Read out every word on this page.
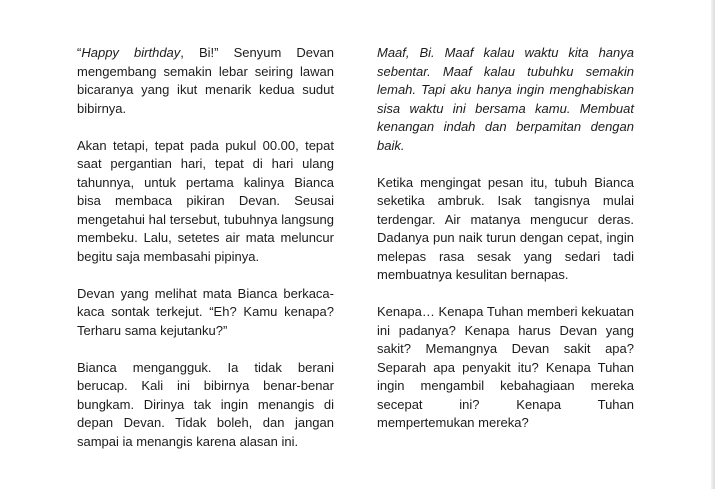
“Happy birthday, Bi!” Senyum Devan mengembang semakin lebar seiring lawan bicaranya yang ikut menarik kedua sudut bibirnya.

Akan tetapi, tepat pada pukul 00.00, tepat saat pergantian hari, tepat di hari ulang tahunnya, untuk pertama kalinya Bianca bisa membaca pikiran Devan. Seusai mengetahui hal tersebut, tubuhnya langsung membeku. Lalu, setetes air mata meluncur begitu saja membasahi pipinya.

Devan yang melihat mata Bianca berkaca-kaca sontak terkejut. “Eh? Kamu kenapa? Terharu sama kejutanku?”

Bianca mengangguk. Ia tidak berani berucap. Kali ini bibirnya benar-benar bungkam. Dirinya tak ingin menangis di depan Devan. Tidak boleh, dan jangan sampai ia menangis karena alasan ini.

Maaf, Bi. Maaf kalau waktu kita hanya sebentar. Maaf kalau tubuhku semakin lemah. Tapi aku hanya ingin menghabiskan sisa waktu ini bersama kamu. Membuat kenangan indah dan berpamitan dengan baik.

Ketika mengingat pesan itu, tubuh Bianca seketika ambruk. Isak tangisnya mulai terdengar. Air matanya mengucur deras. Dadanya pun naik turun dengan cepat, ingin melepas rasa sesak yang sedari tadi membuatnya kesulitan bernapas.

Kenapa… Kenapa Tuhan memberi kekuatan ini padanya? Kenapa harus Devan yang sakit? Memangnya Devan sakit apa? Separah apa penyakit itu? Kenapa Tuhan ingin mengambil kebahagiaan mereka secepat ini? Kenapa Tuhan mempertemukan mereka?
